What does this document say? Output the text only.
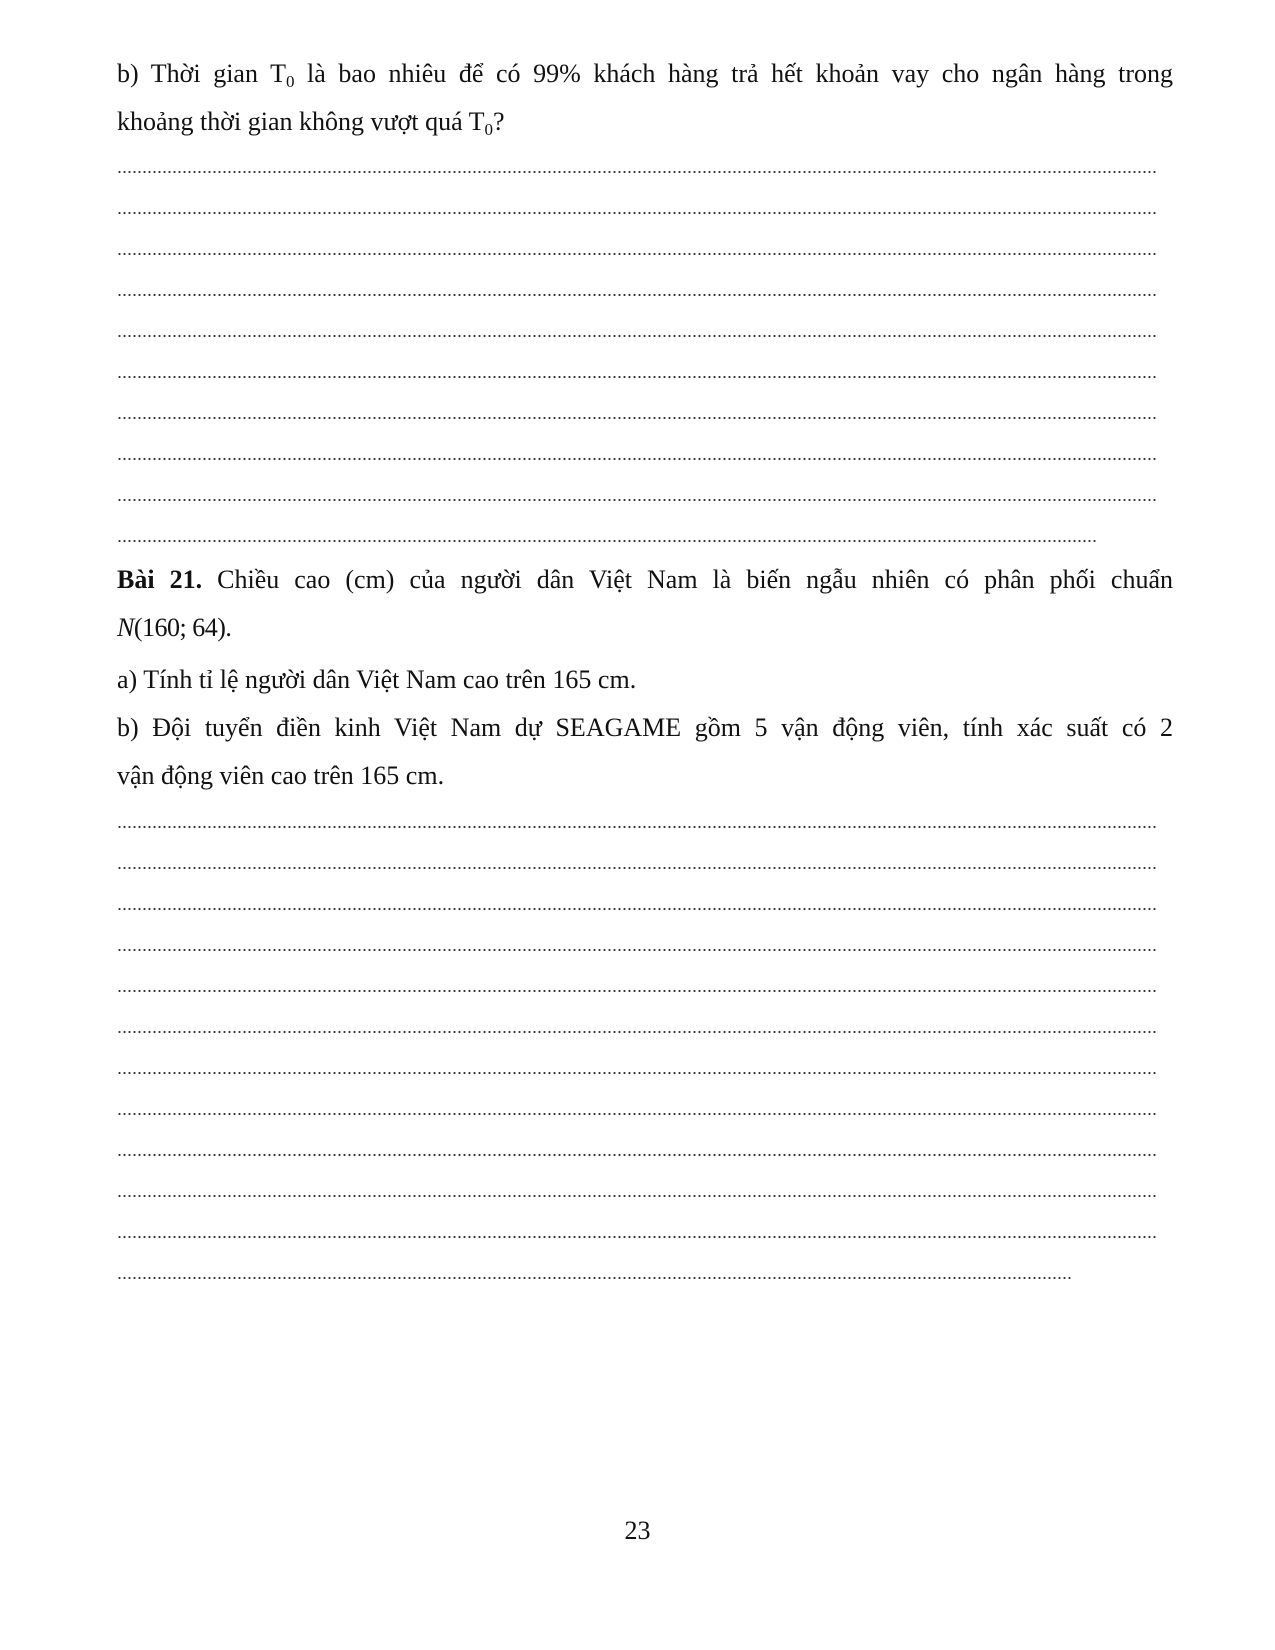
b) Thời gian $T_0$ là bao nhiêu để có 99% khách hàng trả hết khoản vay cho ngân hàng trong

khoảng thời gian không vượt quá $T_0$?

Bài 21. Chiều cao (cm) của người dân Việt Nam là biến ngẫu nhiên có phân phối chuẩn

N(160; 64).

a) Tính tỉ lệ người dân Việt Nam cao trên 165 cm.

b) Đội tuyển điền kinh Việt Nam dự SEAGAME gồm 5 vận động viên, tính xác suất có 2

vận động viên cao trên 165 cm.

23
